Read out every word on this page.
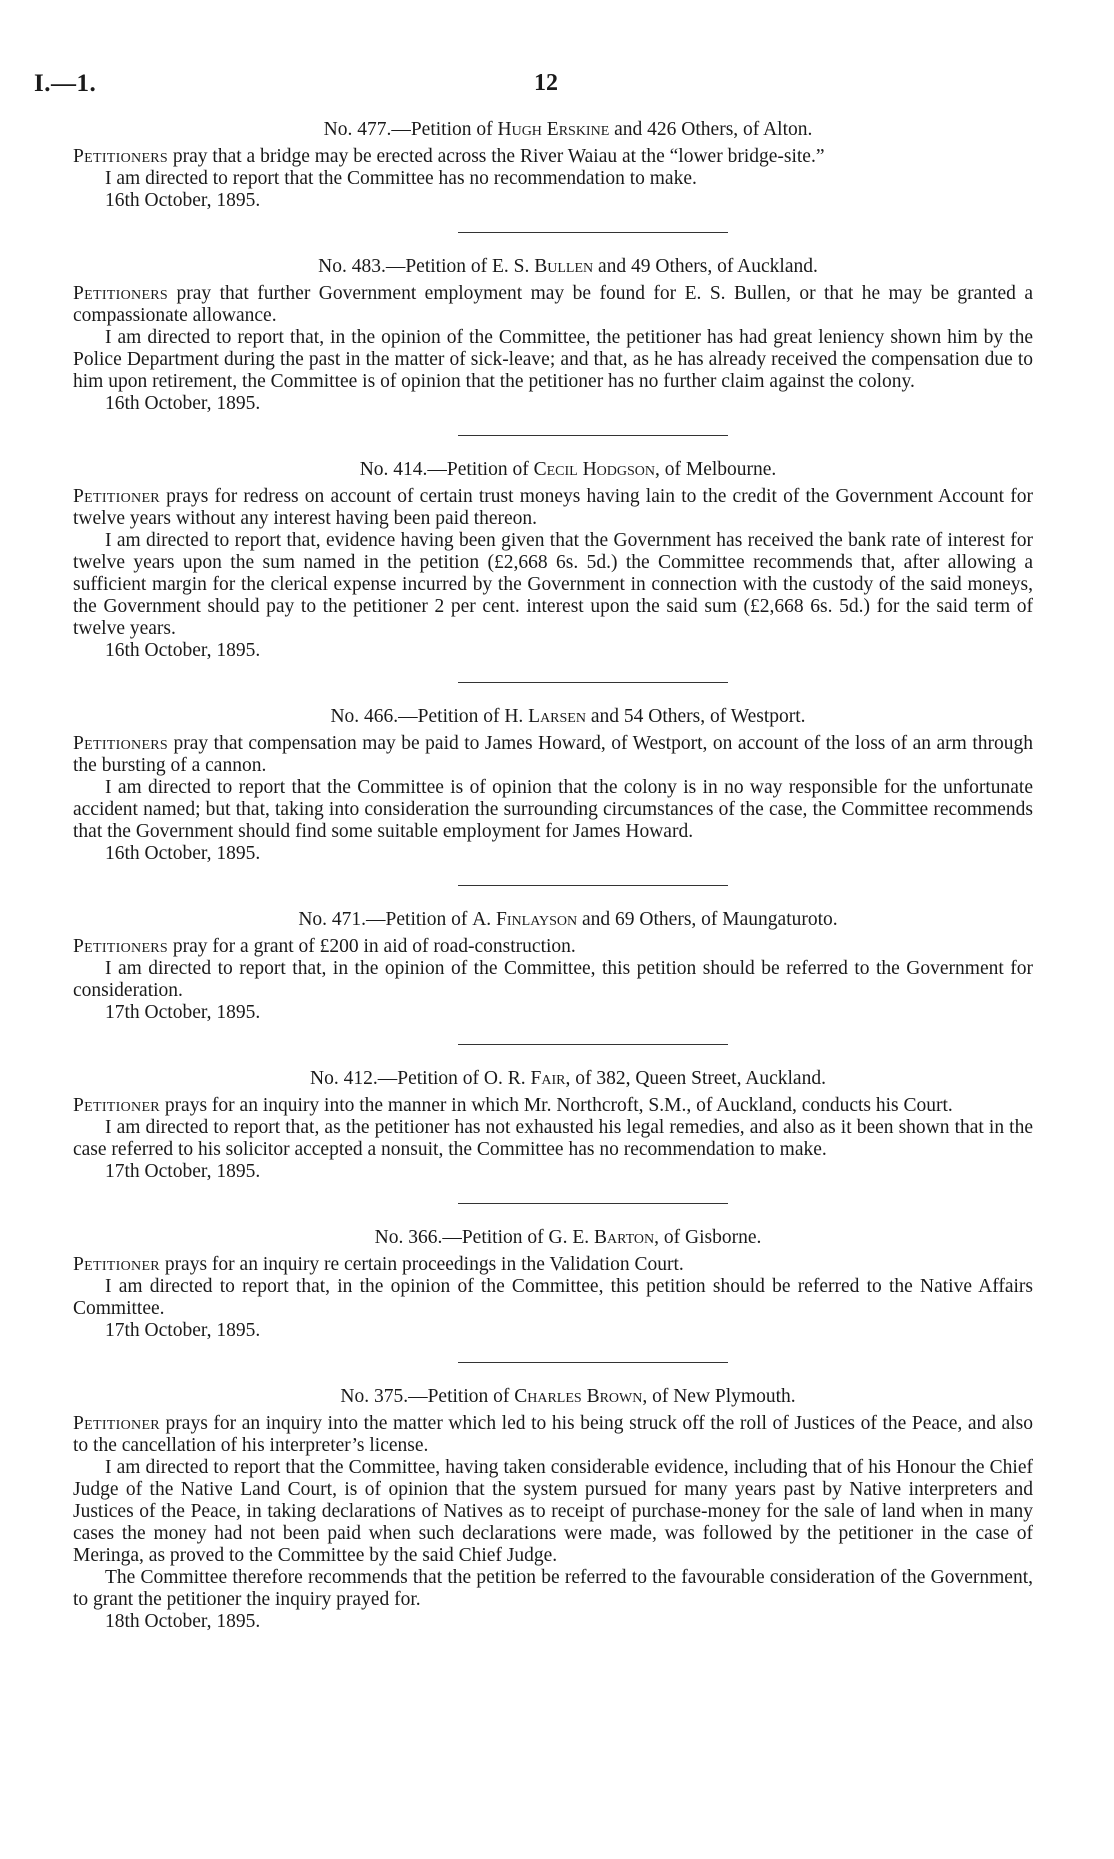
I.—1.	12

No. 477.—Petition of Hugh Erskine and 426 Others, of Alton.

Petitioners pray that a bridge may be erected across the River Waiau at the “lower bridge-site.”

I am directed to report that the Committee has no recommendation to make.

16th October, 1895.

No. 483.—Petition of E. S. Bullen and 49 Others, of Auckland.

Petitioners pray that further Government employment may be found for E. S. Bullen, or that he may be granted a compassionate allowance.

I am directed to report that, in the opinion of the Committee, the petitioner has had great leniency shown him by the Police Department during the past in the matter of sick-leave; and that, as he has already received the compensation due to him upon retirement, the Committee is of opinion that the petitioner has no further claim against the colony.

16th October, 1895.

No. 414.—Petition of Cecil Hodgson, of Melbourne.

Petitioner prays for redress on account of certain trust moneys having lain to the credit of the Government Account for twelve years without any interest having been paid thereon.

I am directed to report that, evidence having been given that the Government has received the bank rate of interest for twelve years upon the sum named in the petition (£2,668 6s. 5d.) the Committee recommends that, after allowing a sufficient margin for the clerical expense incurred by the Government in connection with the custody of the said moneys, the Government should pay to the petitioner 2 per cent. interest upon the said sum (£2,668 6s. 5d.) for the said term of twelve years.

16th October, 1895.

No. 466.—Petition of H. Larsen and 54 Others, of Westport.

Petitioners pray that compensation may be paid to James Howard, of Westport, on account of the loss of an arm through the bursting of a cannon.

I am directed to report that the Committee is of opinion that the colony is in no way responsible for the unfortunate accident named; but that, taking into consideration the surrounding circumstances of the case, the Committee recommends that the Government should find some suitable employment for James Howard.

16th October, 1895.

No. 471.—Petition of A. Finlayson and 69 Others, of Maungaturoto.

Petitioners pray for a grant of £200 in aid of road-construction.

I am directed to report that, in the opinion of the Committee, this petition should be referred to the Government for consideration.

17th October, 1895.

No. 412.—Petition of O. R. Fair, of 382, Queen Street, Auckland.

Petitioner prays for an inquiry into the manner in which Mr. Northcroft, S.M., of Auckland, conducts his Court.

I am directed to report that, as the petitioner has not exhausted his legal remedies, and also as it been shown that in the case referred to his solicitor accepted a nonsuit, the Committee has no recommendation to make.

17th October, 1895.

No. 366.—Petition of G. E. Barton, of Gisborne.

Petitioner prays for an inquiry re certain proceedings in the Validation Court.

I am directed to report that, in the opinion of the Committee, this petition should be referred to the Native Affairs Committee.

17th October, 1895.

No. 375.—Petition of Charles Brown, of New Plymouth.

Petitioner prays for an inquiry into the matter which led to his being struck off the roll of Justices of the Peace, and also to the cancellation of his interpreter’s license.

I am directed to report that the Committee, having taken considerable evidence, including that of his Honour the Chief Judge of the Native Land Court, is of opinion that the system pursued for many years past by Native interpreters and Justices of the Peace, in taking declarations of Natives as to receipt of purchase-money for the sale of land when in many cases the money had not been paid when such declarations were made, was followed by the petitioner in the case of Meringa, as proved to the Committee by the said Chief Judge.

The Committee therefore recommends that the petition be referred to the favourable consideration of the Government, to grant the petitioner the inquiry prayed for.

18th October, 1895.
